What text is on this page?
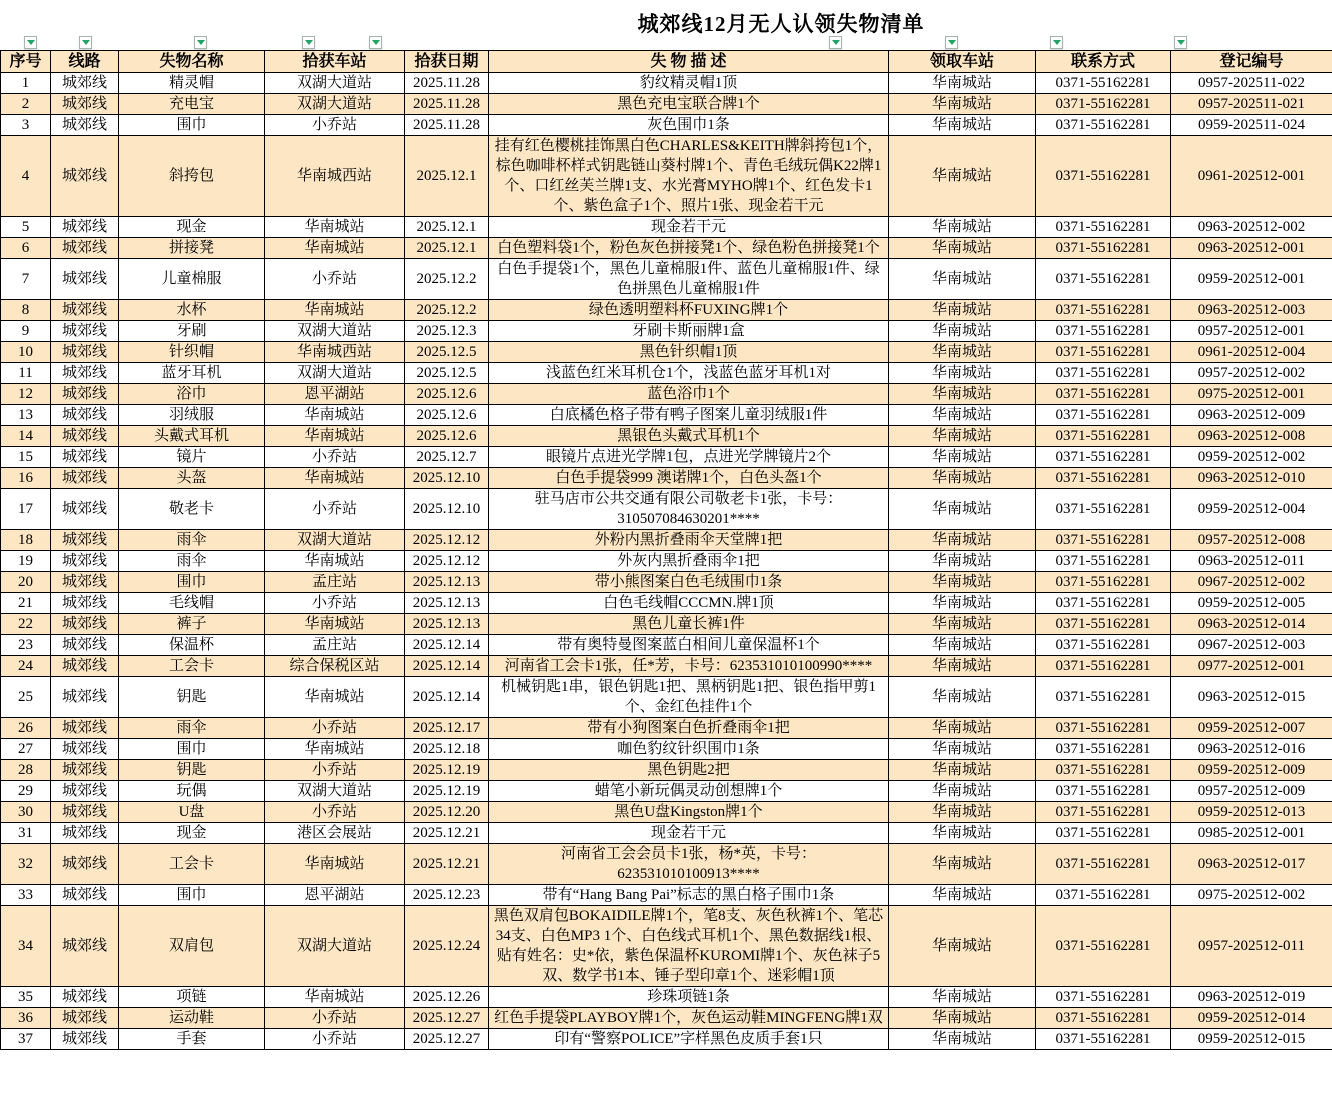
城郊线12月无人认领失物清单
序号	线路	失物名称	拾获车站	拾获日期	失 物 描 述	领取车站	联系方式	登记编号
1	城郊线	精灵帽	双湖大道站	2025.11.28	豹纹精灵帽1顶	华南城站	0371-55162281	0957-202511-022
2	城郊线	充电宝	双湖大道站	2025.11.28	黑色充电宝联合牌1个	华南城站	0371-55162281	0957-202511-021
3	城郊线	围巾	小乔站	2025.11.28	灰色围巾1条	华南城站	0371-55162281	0959-202511-024
4	城郊线	斜挎包	华南城西站	2025.12.1	挂有红色樱桃挂饰黑白色CHARLES&KEITH牌斜挎包1个，棕色咖啡杯样式钥匙链山葵村牌1个、青色毛绒玩偶K22牌1个、口红丝芙兰牌1支、水光膏MYHO牌1个、红色发卡1个、紫色盒子1个、照片1张、现金若干元	华南城站	0371-55162281	0961-202512-001
5	城郊线	现金	华南城站	2025.12.1	现金若干元	华南城站	0371-55162281	0963-202512-002
6	城郊线	拼接凳	华南城站	2025.12.1	白色塑料袋1个，粉色灰色拼接凳1个、绿色粉色拼接凳1个	华南城站	0371-55162281	0963-202512-001
7	城郊线	儿童棉服	小乔站	2025.12.2	白色手提袋1个，黑色儿童棉服1件、蓝色儿童棉服1件、绿色拼黑色儿童棉服1件	华南城站	0371-55162281	0959-202512-001
8	城郊线	水杯	华南城站	2025.12.2	绿色透明塑料杯FUXING牌1个	华南城站	0371-55162281	0963-202512-003
9	城郊线	牙刷	双湖大道站	2025.12.3	牙刷卡斯丽牌1盒	华南城站	0371-55162281	0957-202512-001
10	城郊线	针织帽	华南城西站	2025.12.5	黑色针织帽1顶	华南城站	0371-55162281	0961-202512-004
11	城郊线	蓝牙耳机	双湖大道站	2025.12.5	浅蓝色红米耳机仓1个，浅蓝色蓝牙耳机1对	华南城站	0371-55162281	0957-202512-002
12	城郊线	浴巾	恩平湖站	2025.12.6	蓝色浴巾1个	华南城站	0371-55162281	0975-202512-001
13	城郊线	羽绒服	华南城站	2025.12.6	白底橘色格子带有鸭子图案儿童羽绒服1件	华南城站	0371-55162281	0963-202512-009
14	城郊线	头戴式耳机	华南城站	2025.12.6	黑银色头戴式耳机1个	华南城站	0371-55162281	0963-202512-008
15	城郊线	镜片	小乔站	2025.12.7	眼镜片点进光学牌1包，点进光学牌镜片2个	华南城站	0371-55162281	0959-202512-002
16	城郊线	头盔	华南城站	2025.12.10	白色手提袋999 澳诺牌1个，白色头盔1个	华南城站	0371-55162281	0963-202512-010
17	城郊线	敬老卡	小乔站	2025.12.10	驻马店市公共交通有限公司敬老卡1张，卡号：310507084630201****	华南城站	0371-55162281	0959-202512-004
18	城郊线	雨伞	双湖大道站	2025.12.12	外粉内黑折叠雨伞天堂牌1把	华南城站	0371-55162281	0957-202512-008
19	城郊线	雨伞	华南城站	2025.12.12	外灰内黑折叠雨伞1把	华南城站	0371-55162281	0963-202512-011
20	城郊线	围巾	孟庄站	2025.12.13	带小熊图案白色毛绒围巾1条	华南城站	0371-55162281	0967-202512-002
21	城郊线	毛线帽	小乔站	2025.12.13	白色毛线帽CCCMN.牌1顶	华南城站	0371-55162281	0959-202512-005
22	城郊线	裤子	华南城站	2025.12.13	黑色儿童长裤1件	华南城站	0371-55162281	0963-202512-014
23	城郊线	保温杯	孟庄站	2025.12.14	带有奥特曼图案蓝白相间儿童保温杯1个	华南城站	0371-55162281	0967-202512-003
24	城郊线	工会卡	综合保税区站	2025.12.14	河南省工会卡1张，任*芳，卡号：623531010100990****	华南城站	0371-55162281	0977-202512-001
25	城郊线	钥匙	华南城站	2025.12.14	机械钥匙1串，银色钥匙1把、黑柄钥匙1把、银色指甲剪1个、金红色挂件1个	华南城站	0371-55162281	0963-202512-015
26	城郊线	雨伞	小乔站	2025.12.17	带有小狗图案白色折叠雨伞1把	华南城站	0371-55162281	0959-202512-007
27	城郊线	围巾	华南城站	2025.12.18	咖色豹纹针织围巾1条	华南城站	0371-55162281	0963-202512-016
28	城郊线	钥匙	小乔站	2025.12.19	黑色钥匙2把	华南城站	0371-55162281	0959-202512-009
29	城郊线	玩偶	双湖大道站	2025.12.19	蜡笔小新玩偶灵动创想牌1个	华南城站	0371-55162281	0957-202512-009
30	城郊线	U盘	小乔站	2025.12.20	黑色U盘Kingston牌1个	华南城站	0371-55162281	0959-202512-013
31	城郊线	现金	港区会展站	2025.12.21	现金若干元	华南城站	0371-55162281	0985-202512-001
32	城郊线	工会卡	华南城站	2025.12.21	河南省工会会员卡1张，杨*英，卡号：623531010100913****	华南城站	0371-55162281	0963-202512-017
33	城郊线	围巾	恩平湖站	2025.12.23	带有“Hang Bang Pai”标志的黑白格子围巾1条	华南城站	0371-55162281	0975-202512-002
34	城郊线	双肩包	双湖大道站	2025.12.24	黑色双肩包BOKAIDILE牌1个，笔8支、灰色秋裤1个、笔芯34支、白色MP3 1个、白色线式耳机1个、黑色数据线1根、贴有姓名：史*依，紫色保温杯KUROMI牌1个、灰色袜子5双、数学书1本、锤子型印章1个、迷彩帽1顶	华南城站	0371-55162281	0957-202512-011
35	城郊线	项链	华南城站	2025.12.26	珍珠项链1条	华南城站	0371-55162281	0963-202512-019
36	城郊线	运动鞋	小乔站	2025.12.27	红色手提袋PLAYBOY牌1个，灰色运动鞋MINGFENG牌1双	华南城站	0371-55162281	0959-202512-014
37	城郊线	手套	小乔站	2025.12.27	印有“警察POLICE”字样黑色皮质手套1只	华南城站	0371-55162281	0959-202512-015
